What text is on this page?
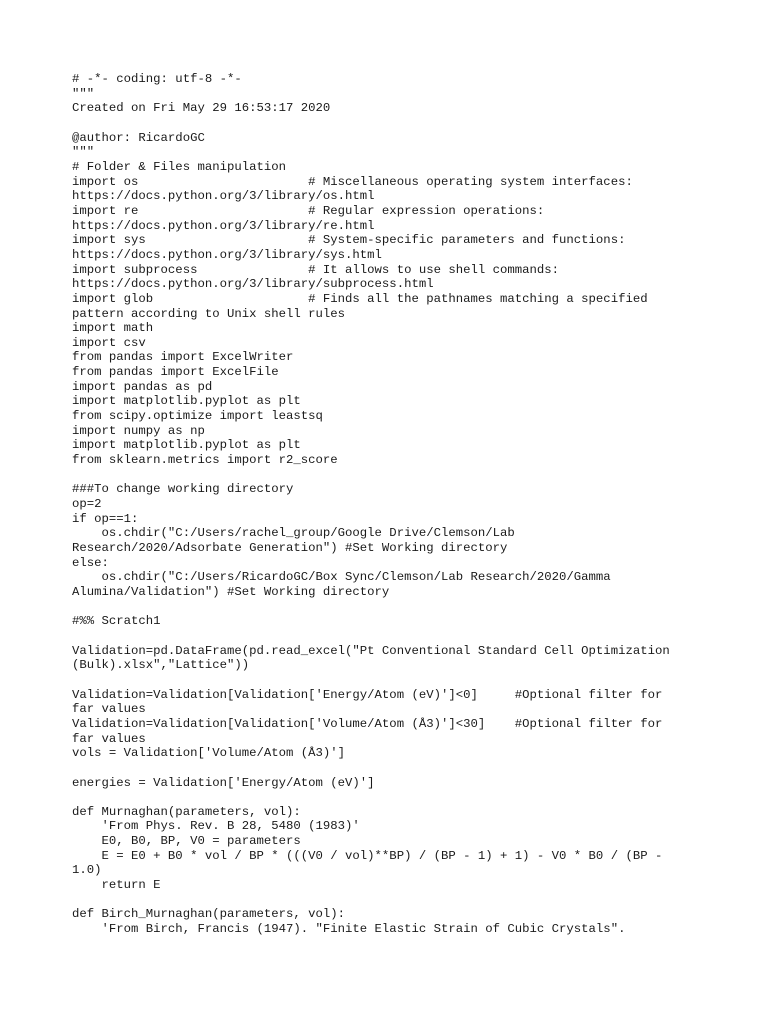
# -*- coding: utf-8 -*-
"""
Created on Fri May 29 16:53:17 2020

@author: RicardoGC
"""
# Folder & Files manipulation
import os                       # Miscellaneous operating system interfaces:
https://docs.python.org/3/library/os.html
import re                       # Regular expression operations:
https://docs.python.org/3/library/re.html
import sys                      # System-specific parameters and functions:
https://docs.python.org/3/library/sys.html
import subprocess               # It allows to use shell commands:
https://docs.python.org/3/library/subprocess.html
import glob                     # Finds all the pathnames matching a specified
pattern according to Unix shell rules
import math
import csv
from pandas import ExcelWriter
from pandas import ExcelFile
import pandas as pd
import matplotlib.pyplot as plt
from scipy.optimize import leastsq
import numpy as np
import matplotlib.pyplot as plt
from sklearn.metrics import r2_score

###To change working directory
op=2
if op==1:
os.chdir("C:/Users/rachel_group/Google Drive/Clemson/Lab
Research/2020/Adsorbate Generation") #Set Working directory
else:
os.chdir("C:/Users/RicardoGC/Box Sync/Clemson/Lab Research/2020/Gamma
Alumina/Validation") #Set Working directory

#%% Scratch1

Validation=pd.DataFrame(pd.read_excel("Pt Conventional Standard Cell Optimization
(Bulk).xlsx","Lattice"))

Validation=Validation[Validation['Energy/Atom (eV)']<0]     #Optional filter for
far values
Validation=Validation[Validation['Volume/Atom (Å3)']<30]    #Optional filter for
far values
vols = Validation['Volume/Atom (Å3)']

energies = Validation['Energy/Atom (eV)']

def Murnaghan(parameters, vol):
'From Phys. Rev. B 28, 5480 (1983)'
E0, B0, BP, V0 = parameters
E = E0 + B0 * vol / BP * (((V0 / vol)**BP) / (BP - 1) + 1) - V0 * B0 / (BP -
1.0)
return E

def Birch_Murnaghan(parameters, vol):
'From Birch, Francis (1947). "Finite Elastic Strain of Cubic Crystals".
